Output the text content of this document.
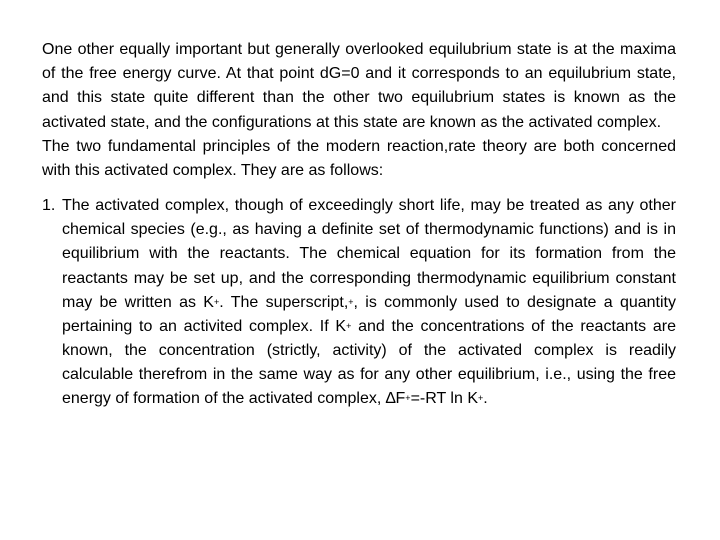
One other equally important but generally overlooked equilubrium state is at the maxima of the free energy curve. At that point dG=0 and it corresponds to an equilubrium state, and this state quite different than the other two equilubrium states is known as the activated state, and the configurations at this state are known as the activated complex.

The two fundamental principles of the modern reaction,rate theory are both concerned with this activated complex. They are as follows:

1. The activated complex, though of exceedingly short life, may be treated as any other chemical species (e.g., as having a definite set of thermodynamic functions) and is in equilibrium with the reactants. The chemical equation for its formation from the reactants may be set up, and the corresponding thermodynamic equilibrium constant may be written as K+. The superscript,+, is commonly used to designate a quantity pertaining to an activited complex. If K+ and the concentrations of the reactants are known, the concentration (strictly, activity) of the activated complex is readily calculable therefrom in the same way as for any other equilibrium, i.e., using the free energy of formation of the activated complex, ∆F+=‑RT ln K+.
